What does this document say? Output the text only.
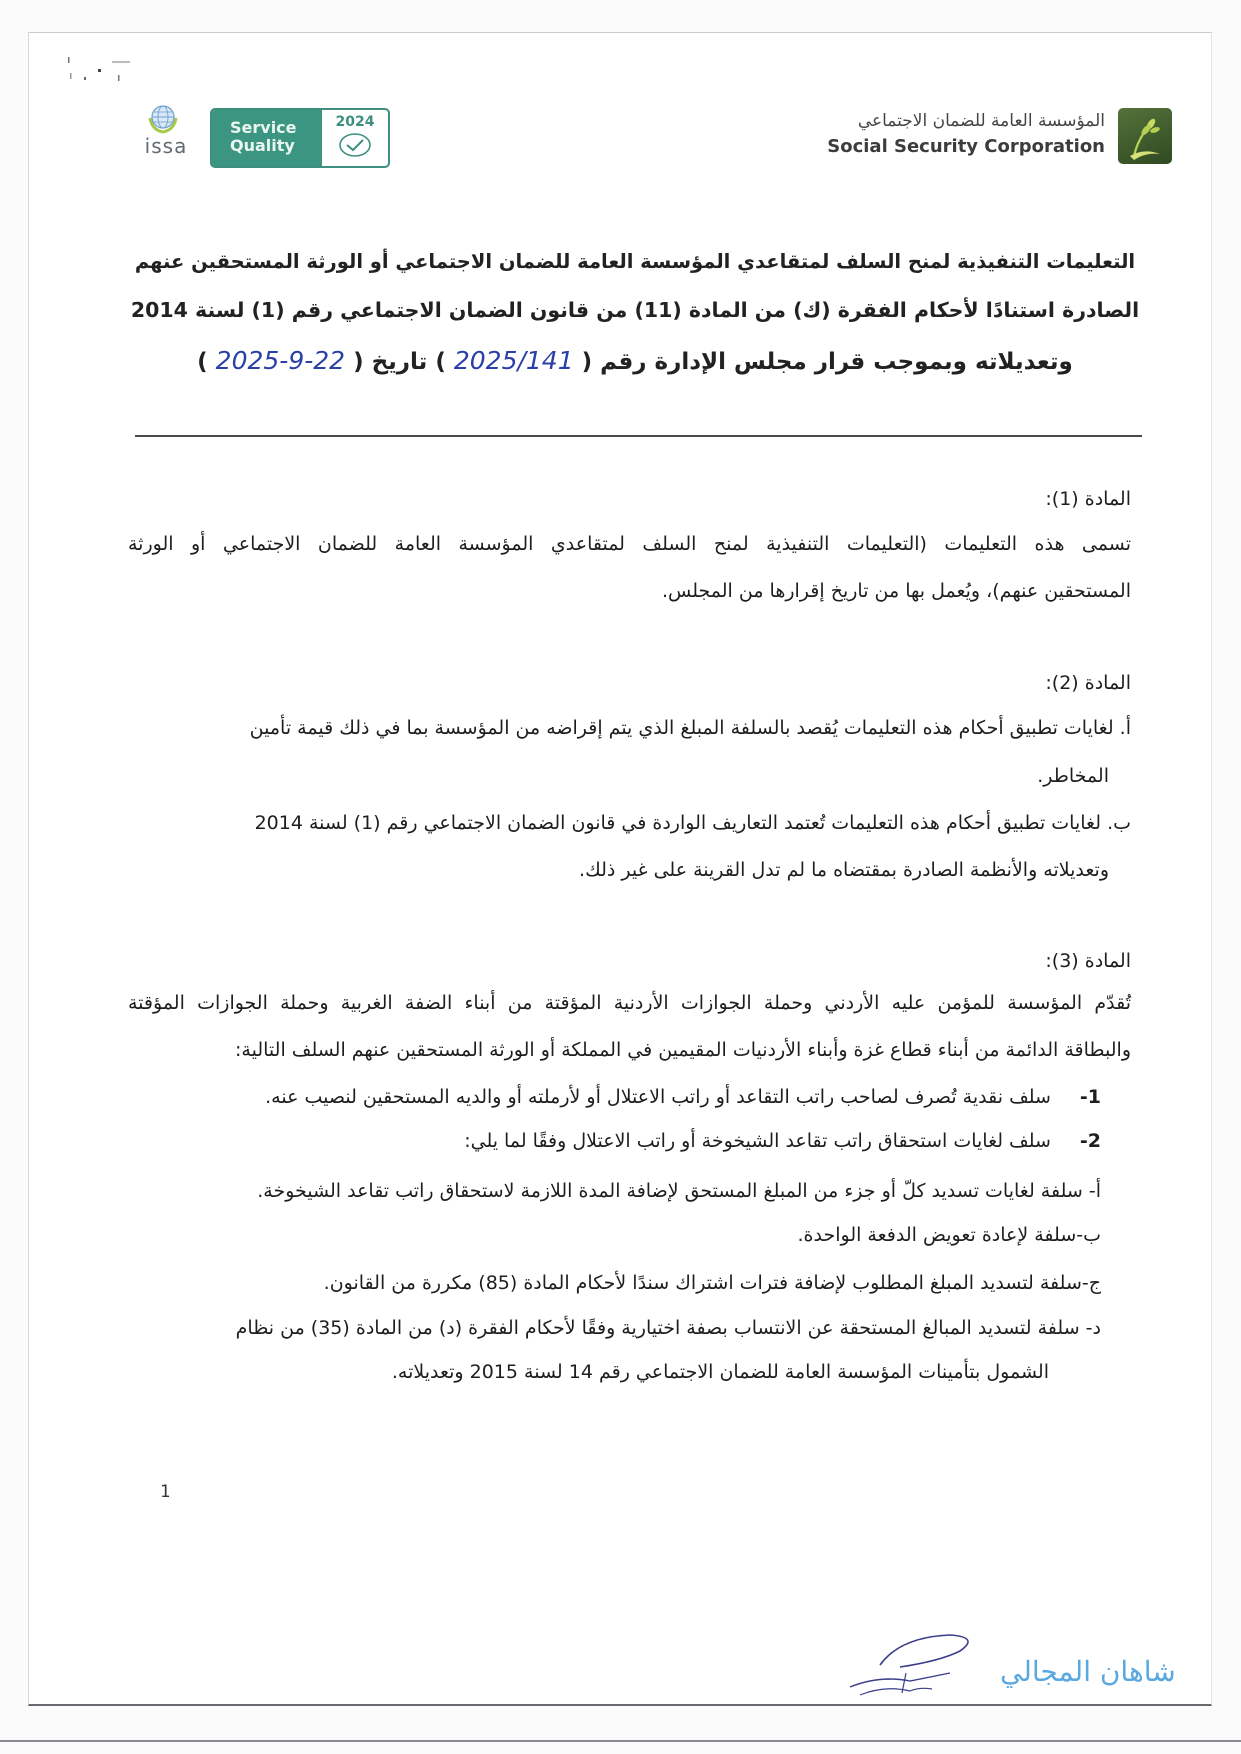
issa
Service
Quality
2024	المؤسسة العامة للضمان الاجتماعي
Social Security Corporation
التعليمات التنفيذية لمنح السلف لمتقاعدي المؤسسة العامة للضمان الاجتماعي أو الورثة المستحقين عنهم
الصادرة استنادًا لأحكام الفقرة (ك) من المادة (11) من قانون الضمان الاجتماعي رقم (1) لسنة 2014
وتعديلاته وبموجب قرار مجلس الإدارة رقم ( 2025/141 ) تاريخ ( 2025-9-22 )
المادة (1):
تسمى هذه التعليمات (التعليمات التنفيذية لمنح السلف لمتقاعدي المؤسسة العامة للضمان الاجتماعي أو الورثة
المستحقين عنهم)، ويُعمل بها من تاريخ إقرارها من المجلس.
المادة (2):
أ. لغايات تطبيق أحكام هذه التعليمات يُقصد بالسلفة المبلغ الذي يتم إقراضه من المؤسسة بما في ذلك قيمة تأمين
المخاطر.
ب. لغايات تطبيق أحكام هذه التعليمات تُعتمد التعاريف الواردة في قانون الضمان الاجتماعي رقم (1) لسنة 2014
وتعديلاته والأنظمة الصادرة بمقتضاه ما لم تدل القرينة على غير ذلك.
المادة (3):
تُقدّم المؤسسة للمؤمن عليه الأردني وحملة الجوازات الأردنية المؤقتة من أبناء الضفة الغربية وحملة الجوازات المؤقتة
والبطاقة الدائمة من أبناء قطاع غزة وأبناء الأردنيات المقيمين في المملكة أو الورثة المستحقين عنهم السلف التالية:
1- سلف نقدية تُصرف لصاحب راتب التقاعد أو راتب الاعتلال أو لأرملته أو والديه المستحقين لنصيب عنه.
2- سلف لغايات استحقاق راتب تقاعد الشيخوخة أو راتب الاعتلال وفقًا لما يلي:
أ- سلفة لغايات تسديد كلّ أو جزء من المبلغ المستحق لإضافة المدة اللازمة لاستحقاق راتب تقاعد الشيخوخة.
ب-سلفة لإعادة تعويض الدفعة الواحدة.
ج-سلفة لتسديد المبلغ المطلوب لإضافة فترات اشتراك سندًا لأحكام المادة (85) مكررة من القانون.
د- سلفة لتسديد المبالغ المستحقة عن الانتساب بصفة اختيارية وفقًا لأحكام الفقرة (د) من المادة (35) من نظام
الشمول بتأمينات المؤسسة العامة للضمان الاجتماعي رقم 14 لسنة 2015 وتعديلاته.
1
شاهان المجالي
